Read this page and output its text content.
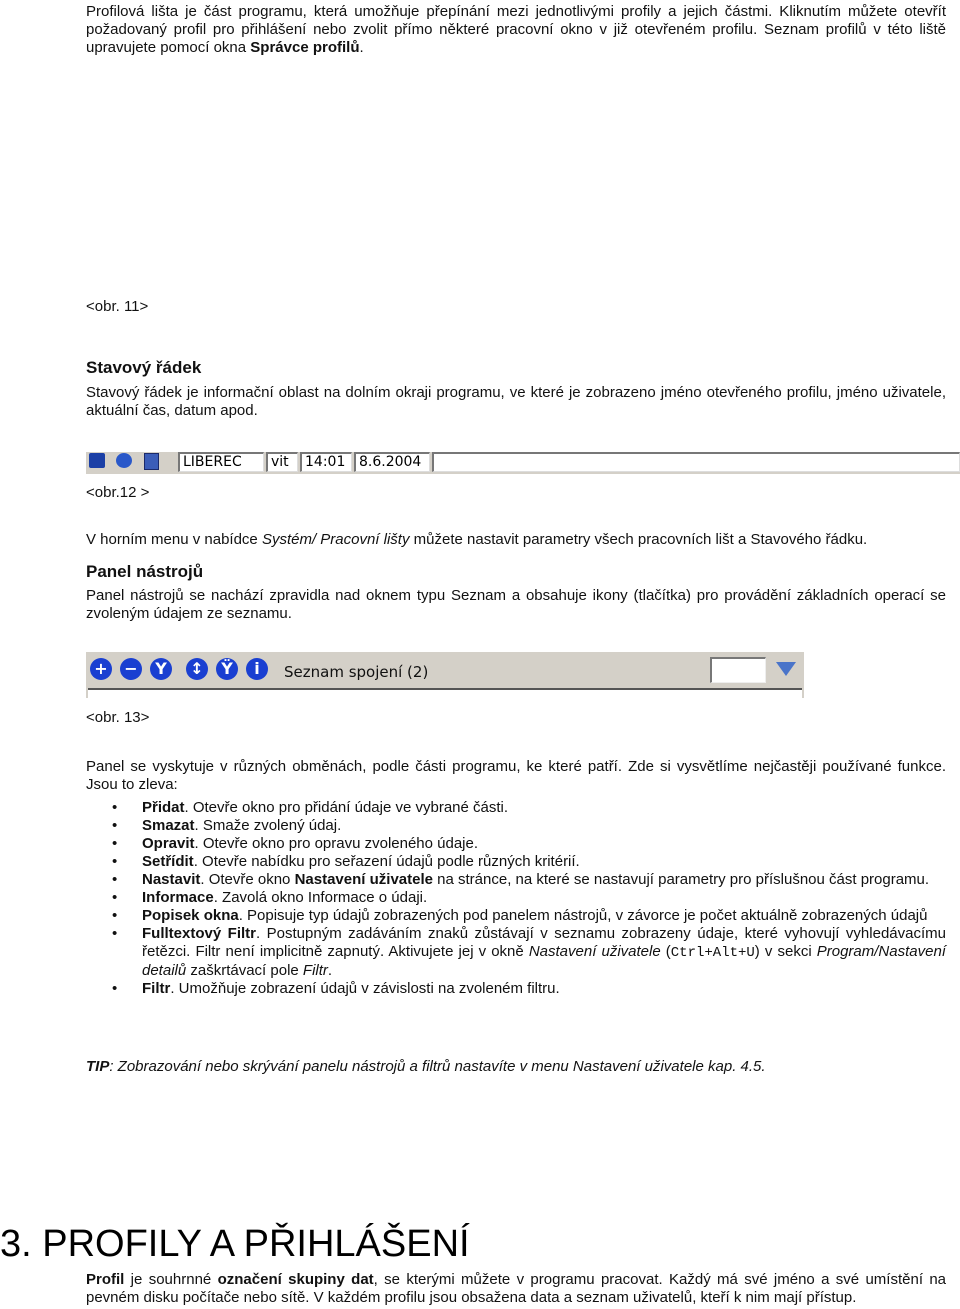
Profilová lišta je část programu, která umožňuje přepínání mezi jednotlivými profily a jejich částmi. Kliknutím můžete otevřít požadovaný profil pro přihlášení nebo zvolit přímo některé pracovní okno v již otevřeném profilu. Seznam profilů v této liště upravujete pomocí okna Správce profilů.
<obr. 11>
Stavový řádek
Stavový řádek je informační oblast na dolním okraji programu, ve které je zobrazeno jméno otevřeného profilu, jméno uživatele, aktuální čas, datum apod.
LIBEREC	vit	14:01 8.6.2004
<obr.12 >
V horním menu v nabídce Systém/ Pracovní lišty můžete nastavit parametry všech pracovních lišt a Stavového řádku.
Panel nástrojů
Panel nástrojů se nachází zpravidla nad oknem typu Seznam a obsahuje ikony (tlačítka) pro provádění základních operací se zvoleným údajem ze seznamu.
+ −	Y	↕	Ÿ	i	Seznam spojení (2)
<obr. 13>
Panel se vyskytuje v různých obměnách, podle části programu, ke které patří. Zde si vysvětlíme nejčastěji používané funkce. Jsou to zleva:
• Přidat. Otevře okno pro přidání údaje ve vybrané části.
• Smazat. Smaže zvolený údaj.
• Opravit. Otevře okno pro opravu zvoleného údaje.
• Setřídit. Otevře nabídku pro seřazení údajů podle různých kritérií.
• Nastavit. Otevře okno Nastavení uživatele na stránce, na které se nastavují parametry pro příslušnou část programu.
• Informace. Zavolá okno Informace o údaji.
• Popisek okna. Popisuje typ údajů zobrazených pod panelem nástrojů, v závorce je počet aktuálně zobrazených údajů
• Fulltextový Filtr. Postupným zadáváním znaků zůstávají v seznamu zobrazeny údaje, které vyhovují vyhledávacímu řetězci. Filtr není implicitně zapnutý. Aktivujete jej v okně Nastavení uživatele (Ctrl+Alt+U) v sekci Program/Nastavení detailů zaškrtávací pole Filtr.
• Filtr. Umožňuje zobrazení údajů v závislosti na zvoleném filtru.
TIP: Zobrazování nebo skrývání panelu nástrojů a filtrů nastavíte v menu Nastavení uživatele kap. 4.5.
3. PROFILY A PŘIHLÁŠENÍ
Profil je souhrnné označení skupiny dat, se kterými můžete v programu pracovat. Každý má své jméno a své umístění na pevném disku počítače nebo sítě. V každém profilu jsou obsažena data a seznam uživatelů, kteří k nim mají přístup.
